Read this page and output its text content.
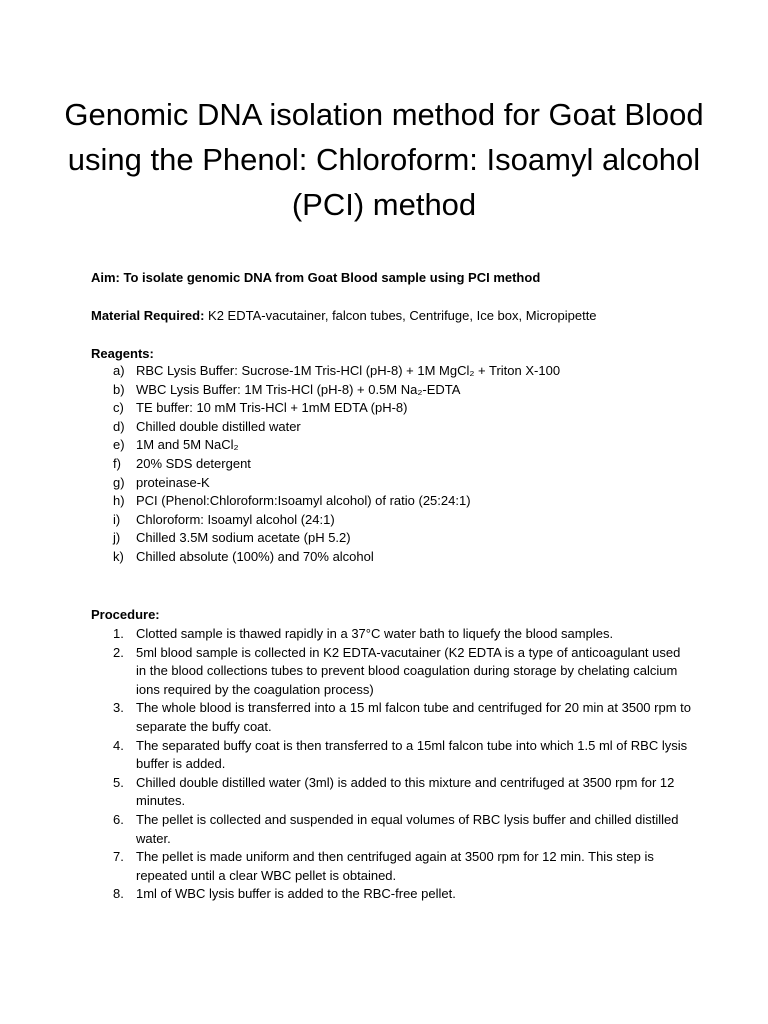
Genomic DNA isolation method for Goat Blood using the Phenol: Chloroform: Isoamyl alcohol (PCI) method
Aim: To isolate genomic DNA from Goat Blood sample using PCI method
Material Required: K2 EDTA-vacutainer, falcon tubes, Centrifuge, Ice box, Micropipette
Reagents:
a) RBC Lysis Buffer: Sucrose-1M Tris-HCl (pH-8) + 1M MgCl₂ + Triton X-100
b) WBC Lysis Buffer: 1M Tris-HCl (pH-8) + 0.5M Na₂-EDTA
c) TE buffer: 10 mM Tris-HCl + 1mM EDTA (pH-8)
d) Chilled double distilled water
e) 1M and 5M NaCl₂
f) 20% SDS detergent
g) proteinase-K
h) PCI (Phenol:Chloroform:Isoamyl alcohol) of ratio (25:24:1)
i) Chloroform: Isoamyl alcohol (24:1)
j) Chilled 3.5M sodium acetate (pH 5.2)
k) Chilled absolute (100%) and 70% alcohol
Procedure:
1. Clotted sample is thawed rapidly in a 37°C water bath to liquefy the blood samples.
2. 5ml blood sample is collected in K2 EDTA-vacutainer (K2 EDTA is a type of anticoagulant used in the blood collections tubes to prevent blood coagulation during storage by chelating calcium ions required by the coagulation process)
3. The whole blood is transferred into a 15 ml falcon tube and centrifuged for 20 min at 3500 rpm to separate the buffy coat.
4. The separated buffy coat is then transferred to a 15ml falcon tube into which 1.5 ml of RBC lysis buffer is added.
5. Chilled double distilled water (3ml) is added to this mixture and centrifuged at 3500 rpm for 12 minutes.
6. The pellet is collected and suspended in equal volumes of RBC lysis buffer and chilled distilled water.
7. The pellet is made uniform and then centrifuged again at 3500 rpm for 12 min. This step is repeated until a clear WBC pellet is obtained.
8. 1ml of WBC lysis buffer is added to the RBC-free pellet.
